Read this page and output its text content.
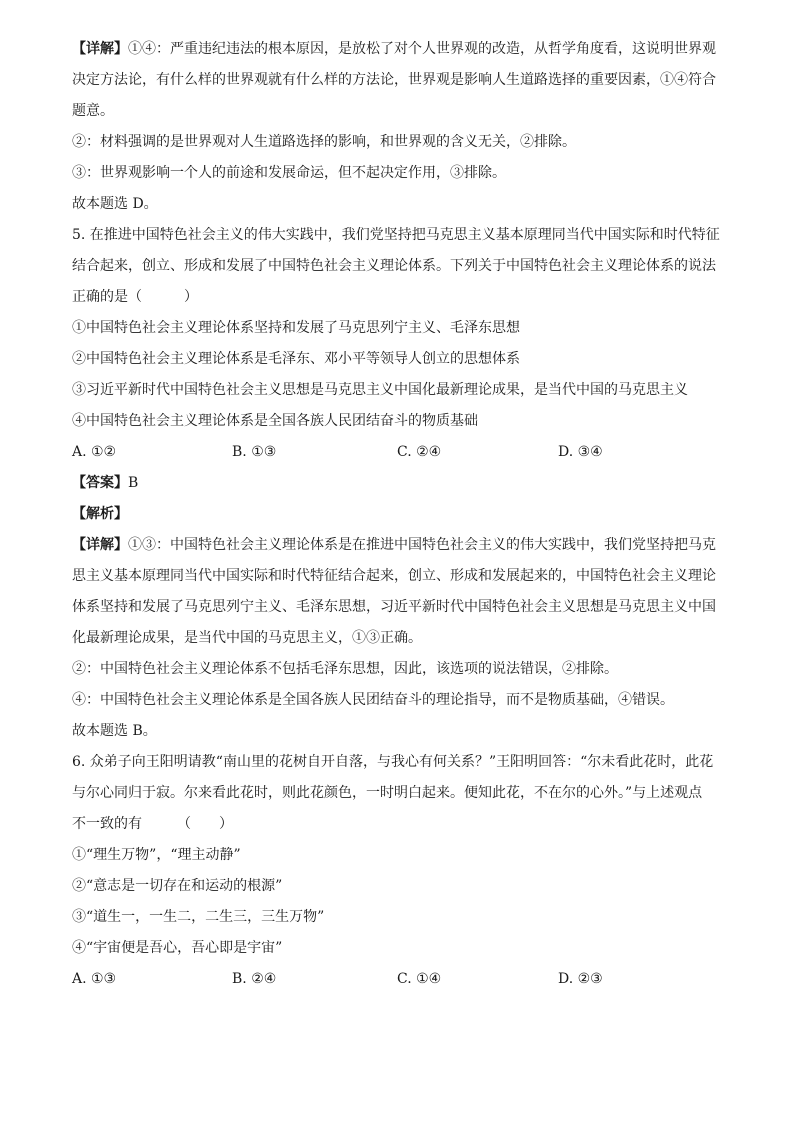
【详解】①④：严重违纪违法的根本原因，是放松了对个人世界观的改造，从哲学角度看，这说明世界观
决定方法论，有什么样的世界观就有什么样的方法论，世界观是影响人生道路选择的重要因素，①④符合
题意。
②：材料强调的是世界观对人生道路选择的影响，和世界观的含义无关，②排除。
③：世界观影响一个人的前途和发展命运，但不起决定作用，③排除。
故本题选 D。
5. 在推进中国特色社会主义的伟大实践中，我们党坚持把马克思主义基本原理同当代中国实际和时代特征
结合起来，创立、形成和发展了中国特色社会主义理论体系。下列关于中国特色社会主义理论体系的说法
正确的是（　　　）
①中国特色社会主义理论体系坚持和发展了马克思列宁主义、毛泽东思想
②中国特色社会主义理论体系是毛泽东、邓小平等领导人创立的思想体系
③习近平新时代中国特色社会主义思想是马克思主义中国化最新理论成果，是当代中国的马克思主义
④中国特色社会主义理论体系是全国各族人民团结奋斗的物质基础
A. ①②	B. ①③	C. ②④	D. ③④
【答案】B
【解析】
【详解】①③：中国特色社会主义理论体系是在推进中国特色社会主义的伟大实践中，我们党坚持把马克
思主义基本原理同当代中国实际和时代特征结合起来，创立、形成和发展起来的，中国特色社会主义理论
体系坚持和发展了马克思列宁主义、毛泽东思想，习近平新时代中国特色社会主义思想是马克思主义中国
化最新理论成果，是当代中国的马克思主义，①③正确。
②：中国特色社会主义理论体系不包括毛泽东思想，因此，该选项的说法错误，②排除。
④：中国特色社会主义理论体系是全国各族人民团结奋斗的理论指导，而不是物质基础，④错误。
故本题选 B。
6. 众弟子向王阳明请教“南山里的花树自开自落，与我心有何关系？”王阳明回答：“尔未看此花时，此花
与尔心同归于寂。尔来看此花时，则此花颜色，一时明白起来。便知此花，不在尔的心外。”与上述观点
不一致的有　　　（　　）
①“理生万物”，“理主动静”
②“意志是一切存在和运动的根源”
③“道生一，一生二，二生三，三生万物”
④“宇宙便是吾心，吾心即是宇宙”
A. ①③	B. ②④	C. ①④	D. ②③
